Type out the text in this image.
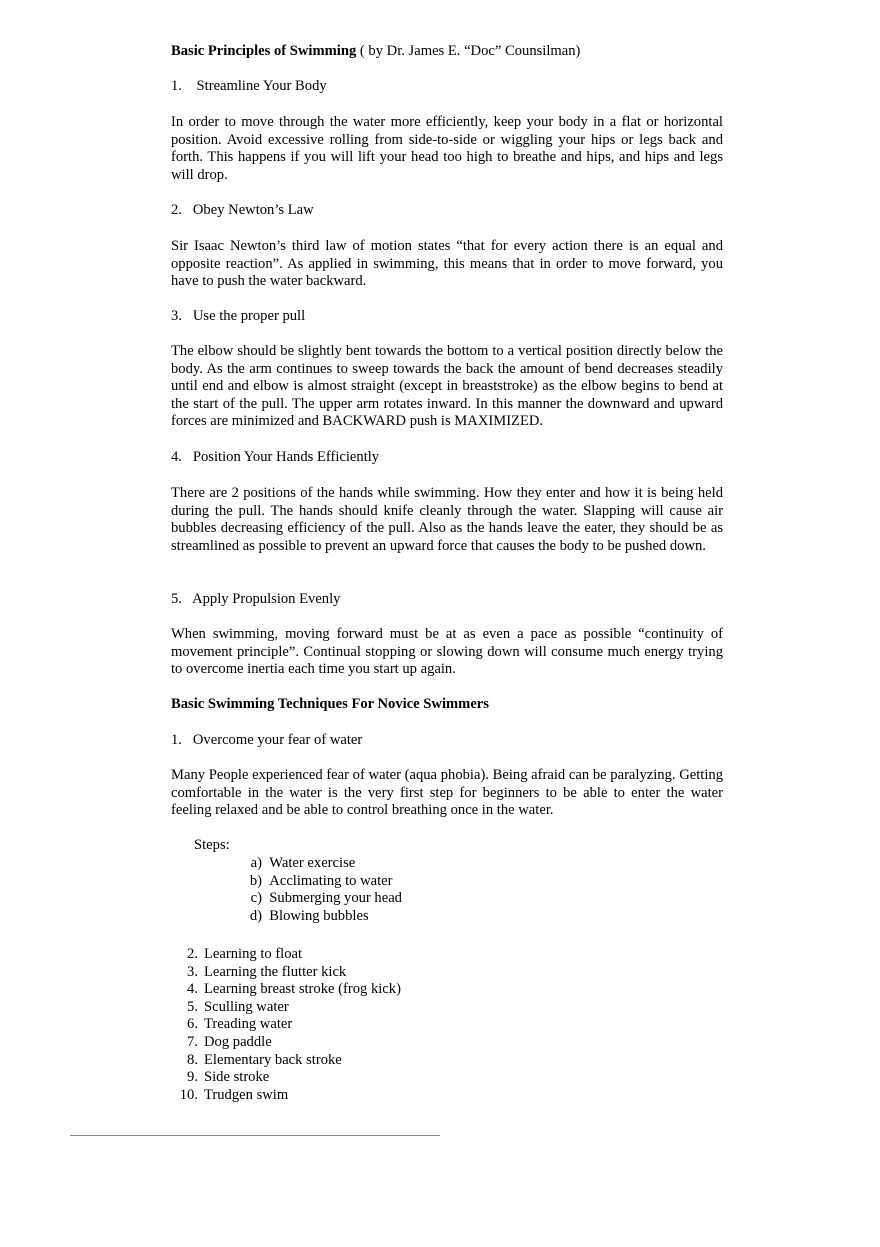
Basic Principles of Swimming ( by Dr. James E. “Doc” Counsilman)

1.    Streamline Your Body

In order to move through the water more efficiently, keep your body in a flat or horizontal position. Avoid excessive rolling from side-to-side or wiggling your hips or legs back and forth. This happens if you will lift your head too high to breathe and hips, and hips and legs will drop.

2.   Obey Newton’s Law

Sir Isaac Newton’s third law of motion states “that for every action there is an equal and opposite reaction”. As applied in swimming, this means that in order to move forward, you have to push the water backward.

3.   Use the proper pull

The elbow should be slightly bent towards the bottom to a vertical position directly below the body. As the arm continues to sweep towards the back the amount of bend decreases steadily until end and elbow is almost straight (except in breaststroke) as the elbow begins to bend at the start of the pull. The upper arm rotates inward. In this manner the downward and upward forces are minimized and BACKWARD push is MAXIMIZED.

4.   Position Your Hands Efficiently

There are 2 positions of the hands while swimming. How they enter and how it is being held during the pull. The hands should knife cleanly through the water. Slapping will cause air bubbles decreasing efficiency of the pull. Also as the hands leave the eater, they should be as streamlined as possible to prevent an upward force that causes the body to be pushed down.

5.   Apply Propulsion Evenly

When swimming, moving forward must be at as even a pace as possible “continuity of movement principle”. Continual stopping or slowing down will consume much energy trying to overcome inertia each time you start up again.

Basic Swimming Techniques For Novice Swimmers

1.   Overcome your fear of water

Many People experienced fear of water (aqua phobia). Being afraid can be paralyzing. Getting comfortable in the water is the very first step for beginners to be able to enter the water feeling relaxed and be able to control breathing once in the water.

Steps:

a) Water exercise
b) Acclimating to water
c) Submerging your head
d) Blowing bubbles
2. Learning to float
3. Learning the flutter kick
4. Learning breast stroke (frog kick)
5. Sculling water
6. Treading water
7. Dog paddle
8. Elementary back stroke
9. Side stroke
10. Trudgen swim
